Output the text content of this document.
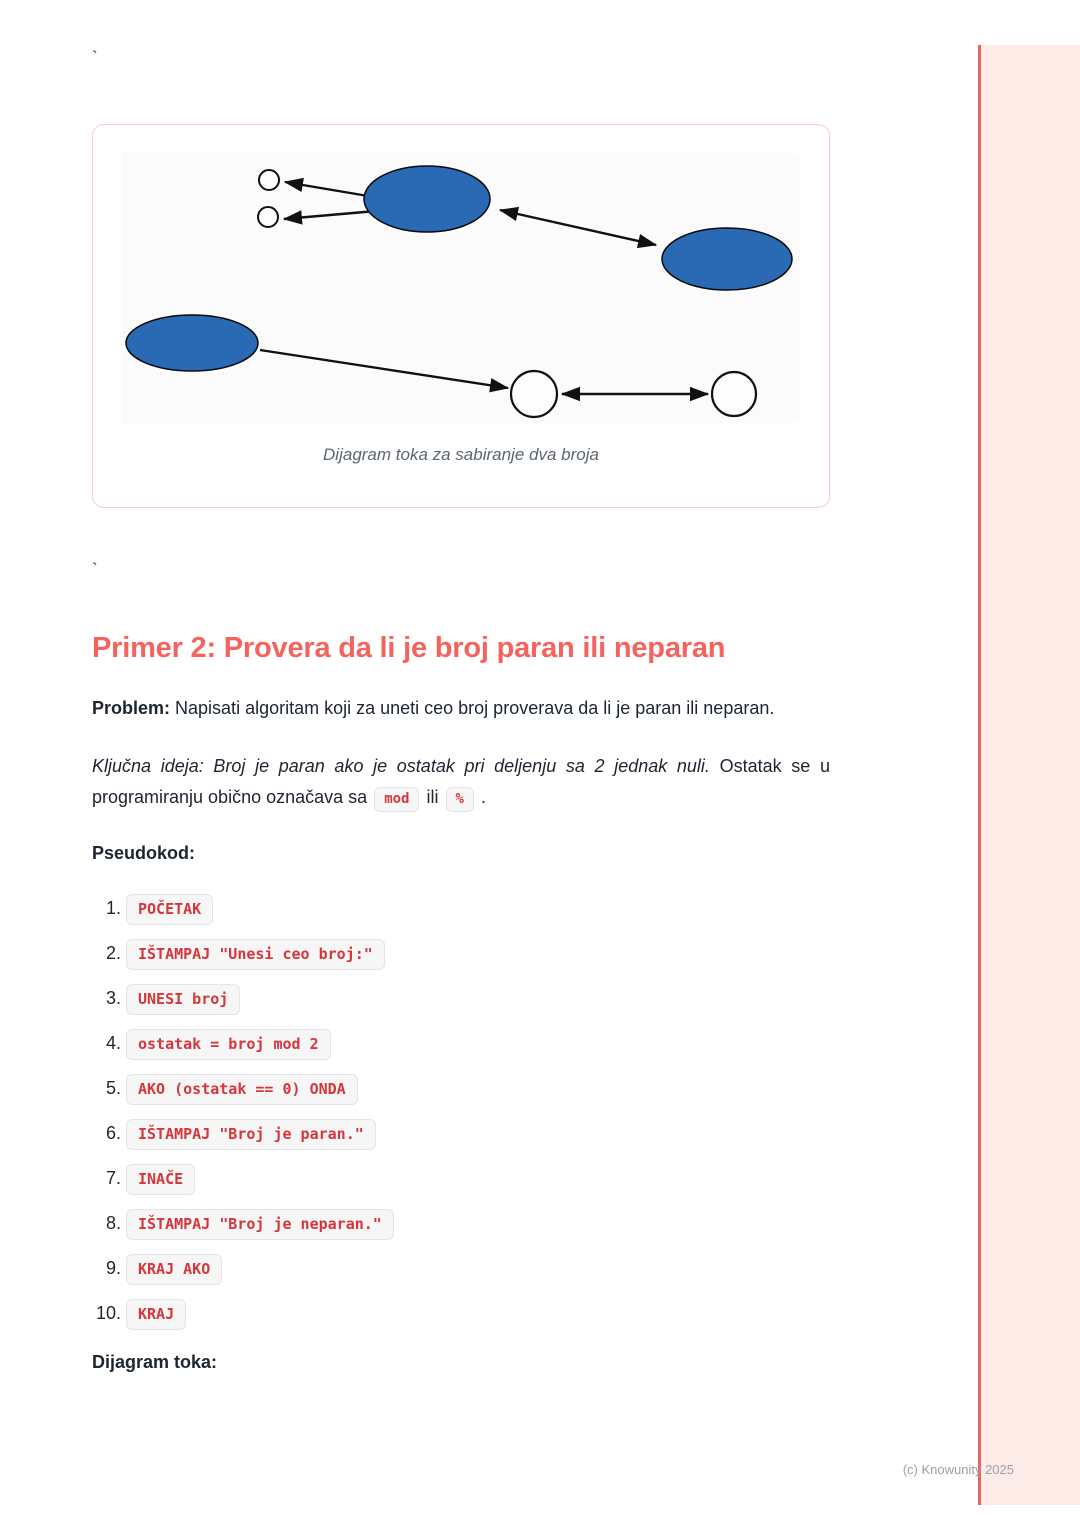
`
Dijagram toka za sabiranje dva broja
`
Primer 2: Provera da li je broj paran ili neparan

Problem: Napisati algoritam koji za uneti ceo broj proverava da li je paran ili neparan.

Ključna ideja: Broj je paran ako je ostatak pri deljenju sa 2 jednak nuli. Ostatak se u programiranju obično označava sa mod ili % .

Pseudokod:

1. POČETAK
2. IŠTAMPAJ "Unesi ceo broj:"
3. UNESI broj
4. ostatak = broj mod 2
5. AKO (ostatak == 0) ONDA
6. IŠTAMPAJ "Broj je paran."
7. INAČE
8. IŠTAMPAJ "Broj je neparan."
9. KRAJ AKO
10. KRAJ

Dijagram toka:

(c) Knowunity 2025
